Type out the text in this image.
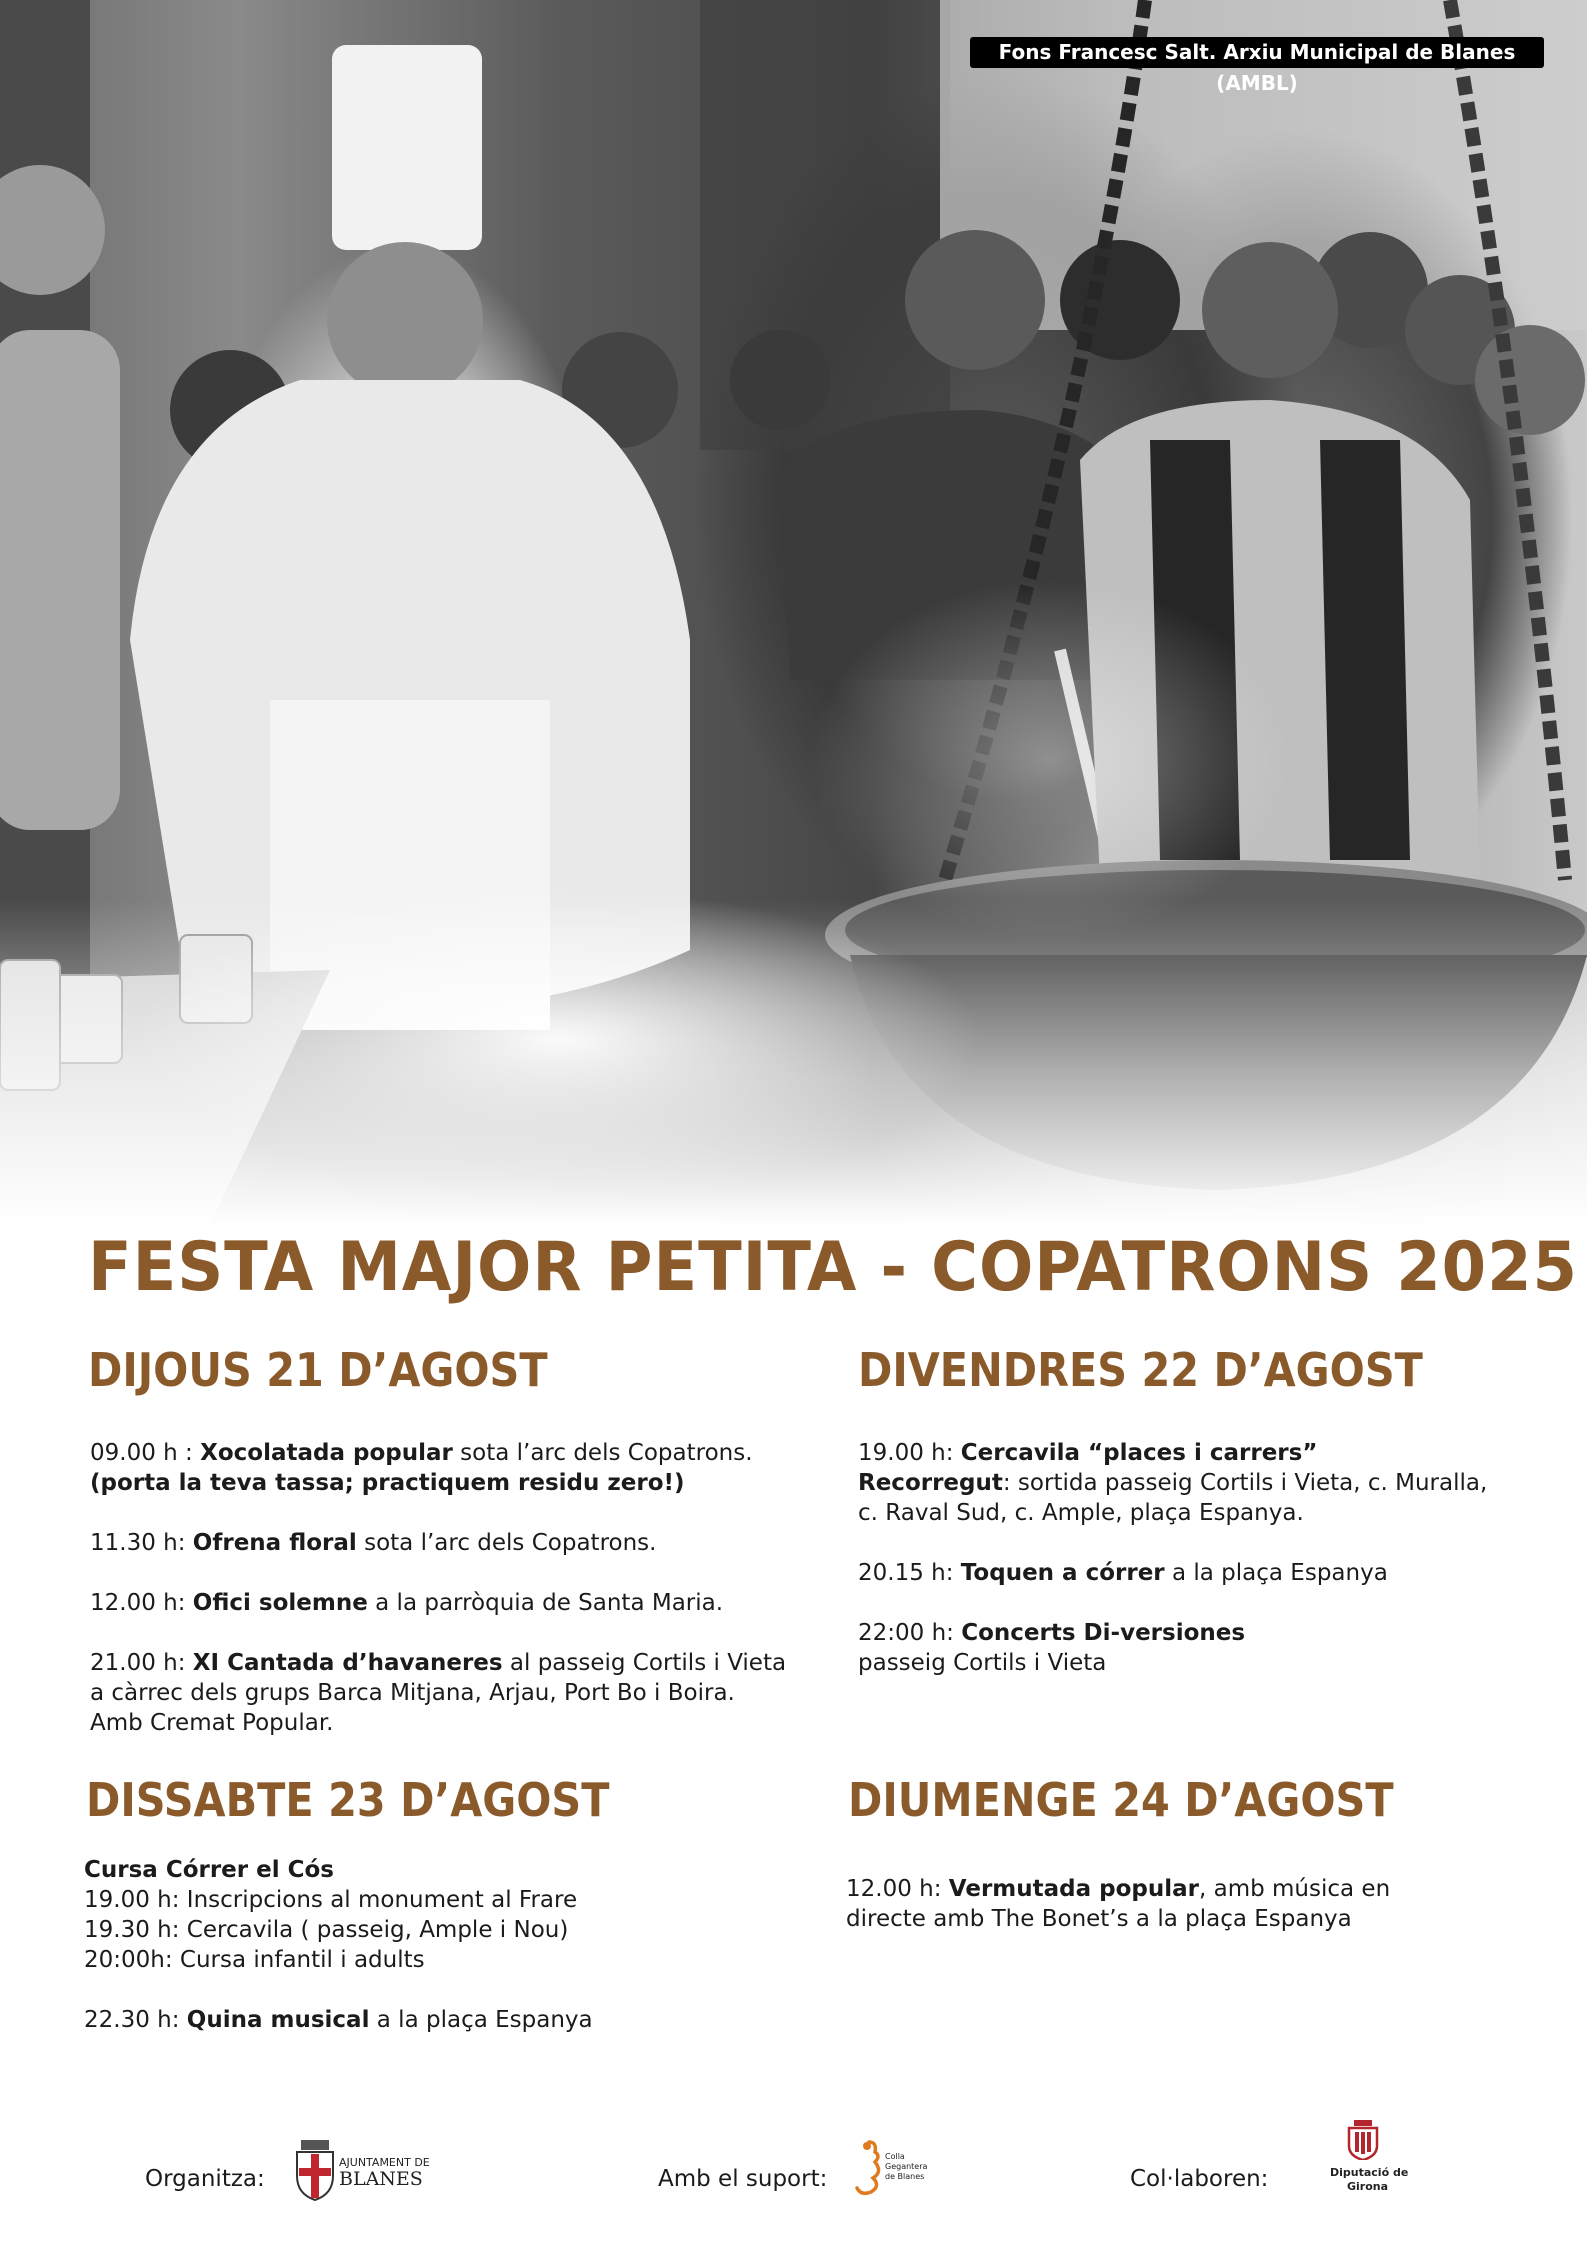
Fons Francesc Salt. Arxiu Municipal de Blanes (AMBL)
FESTA MAJOR PETITA - COPATRONS 2025
DIJOUS 21 D’AGOST

09.00 h : Xocolatada popular sota l’arc dels Copatrons.
(porta la teva tassa; practiquem residu zero!)

11.30 h: Ofrena floral sota l’arc dels Copatrons.

12.00 h: Ofici solemne a la parròquia de Santa Maria.

21.00 h: XI Cantada d’havaneres al passeig Cortils i Vieta
a càrrec dels grups Barca Mitjana, Arjau, Port Bo i Boira.
Amb Cremat Popular.

DIVENDRES 22 D’AGOST

19.00 h: Cercavila “places i carrers”
Recorregut: sortida passeig Cortils i Vieta, c. Muralla,
c. Raval Sud, c. Ample, plaça Espanya.

20.15 h: Toquen a córrer a la plaça Espanya

22:00 h: Concerts Di-versiones
passeig Cortils i Vieta

DISSABTE 23 D’AGOST

Cursa Córrer el Cós
19.00 h: Inscripcions al monument al Frare
19.30 h: Cercavila ( passeig, Ample i Nou)
20:00h: Cursa infantil i adults

22.30 h: Quina musical a la plaça Espanya

DIUMENGE 24 D’AGOST

12.00 h: Vermutada popular, amb música en
directe amb The Bonet’s a la plaça Espanya

Organitza:
AJUNTAMENT DE
BLANES	Amb el suport:
Colla
Gegantera
de Blanes	Col·laboren:	Diputació de
Girona
